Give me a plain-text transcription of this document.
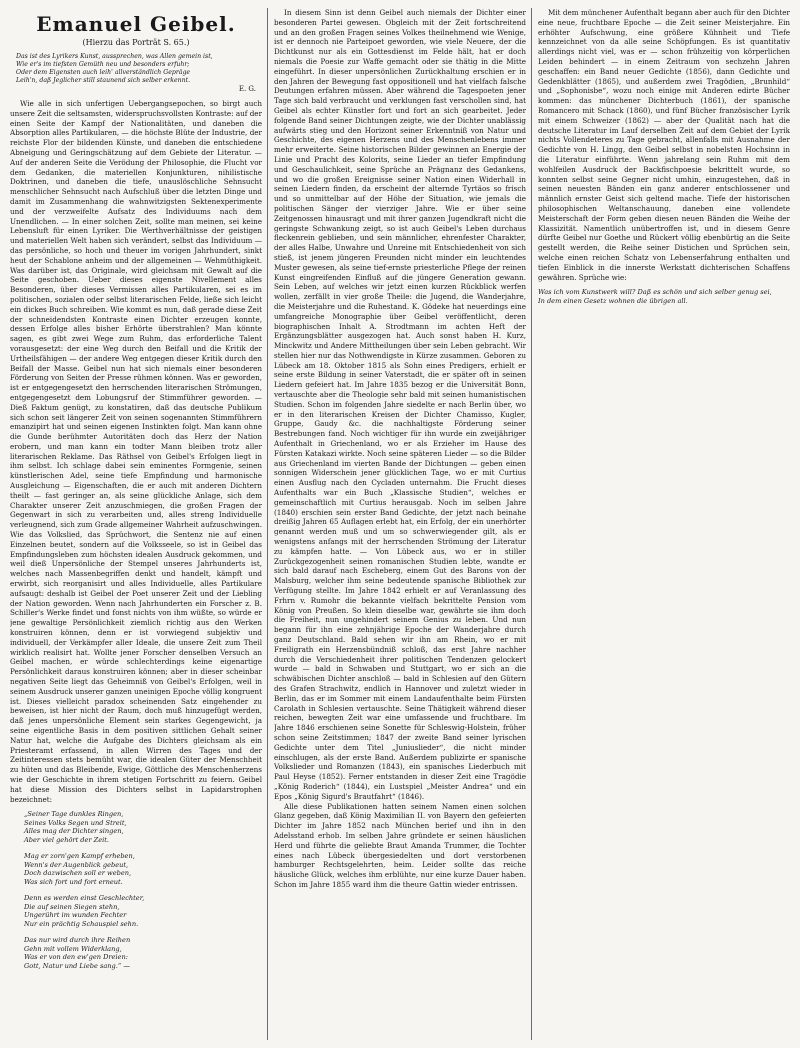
Emanuel Geibel.
(Hierzu das Porträt S. 65.)
Das ist des Lyrikers Kunst, aussprechen, was Allen gemein ist,
Wie er's im tiefsten Gemüth neu und besonders erfuhr;
Oder dem Eigensten auch leih' allverständlich Gepräge
Leih'n, daß Jeglicher still staunend sich selber erkennt.
E. G.

Wie alle in sich unfertigen Uebergangsepochen, so birgt auch unsere Zeit die seltsamsten, widerspruchsvollsten Kontraste: auf der einen Seite der Kampf der Nationalitäten, und daneben die Absorption alles Partikularen, — die höchste Blüte der Industrie, der reichste Flor der bildenden Künste, und daneben die entschiedene Abneigung und Geringschätzung auf dem Gebiete der Literatur. — Auf der anderen Seite die Verödung der Philosophie, die Flucht vor dem Gedanken, die materiellen Konjunkturen, nihilistische Doktrinen, und daneben die tiefe, unauslöschliche Sehnsucht menschlicher Sehnsucht nach Aufschluß über die letzten Dinge und damit im Zusammenhang die wahnwitzigsten Sektenexperimente und der verzweifelte Aufsatz des Individuums nach dem Unendlichen. — In einer solchen Zeit, sollte man meinen, sei keine Lebensluft für einen Lyriker. Die Werthverhältnisse der geistigen und materiellen Welt haben sich verändert, selbst das Individuum — das persönliche, so hoch und theuer im vorigen Jahrhundert, sinkt heut der Schablone anheim und der allgemeinen — Wehmüthigkeit. Was darüber ist, das Originale, wird gleichsam mit Gewalt auf die Seite geschoben. Ueber dieses eigenste Nivellement alles Besonderen, über dieses Vermissen alles Partikularen, sei es im politischen, sozialen oder selbst literarischen Felde, ließe sich leicht ein dickes Buch schreiben. Wie kommt es nun, daß gerade diese Zeit der schneidendsten Kontraste einen Dichter erzeugen konnte, dessen Erfolge alles bisher Erhörte überstrahlen? Man könnte sagen, es gibt zwei Wege zum Ruhm, das erforderliche Talent vorausgesetzt: der eine Weg durch den Beifall und die Kritik der Urtheilsfähigen — der andere Weg entgegen dieser Kritik durch den Beifall der Masse. Geibel nun hat sich niemals einer besonderen Förderung von Seiten der Presse rühmen können. Was er geworden, ist er entgegengesetzt den herrschenden literarischen Strömungen, entgegengesetzt dem Lobungsruf der Stimmführer geworden. — Dieß Faktum genügt, zu konstatiren, daß das deutsche Publikum sich schon seit längerer Zeit von seinen sogenannten Stimmführern emanzipirt hat und seinen eigenen Instinkten folgt. Man kann ohne die Gunde berühmter Autoritäten doch das Herz der Nation erobern, und man kann ein todter Mann bleiben trotz aller literarischen Reklame. Das Räthsel von Geibel's Erfolgen liegt in ihm selbst. Ich schlage dabei sein eminentes Formgenie, seinen künstlerischen Adel, seine tiefe Empfindung und harmonische Ausgleichung — Eigenschaften, die er auch mit anderen Dichtern theilt — fast geringer an, als seine glückliche Anlage, sich dem Charakter unserer Zeit anzuschmiegen, die großen Fragen der Gegenwart in sich zu verarbeiten und, alles streng Individuelle verleugnend, sich zum Grade allgemeiner Wahrheit aufzuschwingen. Wie das Volkslied, das Sprüchwort, die Sentenz nie auf einen Einzelnen beutet, sondern auf die Volksseele, so ist in Geibel das Empfindungsleben zum höchsten idealen Ausdruck gekommen, und weil dieß Unpersönliche der Stempel unseres Jahrhunderts ist, welches nach Massenbegriffen denkt und handelt, kämpft und erwirbt, sich reorganisirt und alles Individuelle, alles Partikulare aufsaugt: deshalb ist Geibel der Poet unserer Zeit und der Liebling der Nation geworden. Wenn nach Jahrhunderten ein Forscher z. B. Schiller's Werke findet und fonst nichts von ihm wüßte, so würde er jene gewaltige Persönlichkeit ziemlich richtig aus den Werken konstruiren können, denn er ist vorwiegend subjektiv und individuell, der Verkämpfer aller Ideale, die unsere Zeit zum Theil wirklich realisirt hat. Wollte jener Forscher denselben Versuch an Geibel machen, er würde schlechterdings keine eigenartige Persönlichkeit daraus konstruiren können; aber in dieser scheinbar negativen Seite liegt das Geheimniß von Geibel's Erfolgen, weil in seinem Ausdruck unserer ganzen uneinigen Epoche völlig kongruent ist. Dieses vielleicht paradox scheinenden Satz eingehender zu beweisen, ist hier nicht der Raum, doch muß hinzugefügt werden, daß jenes unpersönliche Element sein starkes Gegengewicht, ja seine eigentliche Basis in dem positiven sittlichen Gehalt seiner Natur hat, welche die Aufgabe des Dichters gleichsam als ein Priesteramt erfassend, in allen Wirren des Tages und der Zeitinteressen stets bemüht war, die idealen Güter der Menschheit zu hüten und das Bleibende, Ewige, Göttliche des Menschenherzens wie der Geschichte in ihrem stetigen Fortschritt zu feiern. Geibel hat diese Mission des Dichters selbst in Lapidarstrophen bezeichnet:

„Seiner Tage dunkles Ringen,
Seines Volks Segen und Streit,
Alles mag der Dichter singen,
Aber viel gehört der Zeit.

Mag er zorn'gen Kampf erheben,
Wenn's der Augenblick gebeut,
Doch dazwischen soll er weben,
Was sich fort und fort erneut.

Denn es werden einst Geschlechter,
Die auf seinen Siegen stehn,
Ungerührt im wunden Fechter
Nur ein prächtig Schauspiel sehn.

Das nur wird durch ihre Reihen
Gehn mit vollem Widerklang,
Was er von den ew'gen Dreien:
Gott, Natur und Liebe sang.“ —

In diesem Sinn ist denn Geibel auch niemals der Dichter einer besonderen Partei gewesen. Obgleich mit der Zeit fortschreitend und an den großen Fragen seines Volkes theilnehmend wie Wenige, ist er dennoch nie Parteipoet geworden, wie viele Neuere, der die Dichtkunst nur als ein Gottesdienst im Felde hält, hat er doch niemals die Poesie zur Waffe gemacht oder sie thätig in die Mitte eingeführt. In dieser unpersönlichen Zurückhaltung erschien er in den Jahren der Bewegung fast oppositionell und hat vielfach falsche Deutungen erfahren müssen. Aber während die Tagespoeten jener Tage sich bald verbraucht und verklungen fast verschollen sind, hat Geibel als echter Künstler fort und fort an sich gearbeitet. Jeder folgende Band seiner Dichtungen zeigte, wie der Dichter unablässig aufwärts stieg und den Horizont seiner Erkenntniß von Natur und Geschichte, des eigenen Herzens und des Menschenlebens immer mehr erweiterte. Seine historischen Bilder gewinnen an Energie der Linie und Pracht des Kolorits, seine Lieder an tiefer Empfindung und Geschaulichkeit, seine Sprüche an Prägnanz des Gedankens, und wo die großen Ereignisse seiner Nation einen Widerhall in seinen Liedern finden, da erscheint der alternde Tyrtäos so frisch und so unmittelbar auf der Höhe der Situation, wie jemals die politischen Sänger der vierziger Jahre. Wie er über seine Zeitgenossen hinausragt und mit ihrer ganzen Jugendkraft nicht die geringste Schwankung zeigt, so ist auch Geibel's Leben durchaus fleckenrein geblieben, und sein männlicher, ehrenfester Charakter, der alles Halbe, Unwahre und Unreine mit Entschiedenheit von sich stieß, ist jenem jüngeren Freunden nicht minder ein leuchtendes Muster gewesen, als seine tief-ernste priesterliche Pflege der reinen Kunst eingreifenden Einfluß auf die jüngere Generation gewann. Sein Leben, auf welches wir jetzt einen kurzen Rückblick werfen wollen, zerfällt in vier große Theile: die Jugend, die Wanderjahre, die Meisterjahre und die Ruhestand. K. Gödeke hat neuerdings eine umfangreiche Monographie über Geibel veröffentlicht, deren biographischen Inhalt A. Strodtmann im achten Heft der Ergänzungsblätter ausgezogen hat. Auch sonst haben H. Kurz, Minckwitz und Andere Mittheilungen über sein Leben gebracht. Wir stellen hier nur das Nothwendigste in Kürze zusammen. Geboren zu Lübeck am 18. Oktober 1815 als Sohn eines Predigers, erhielt er seine erste Bildung in seiner Vaterstadt, die er später oft in seinen Liedern gefeiert hat. Im Jahre 1835 bezog er die Universität Bonn, vertauschte aber die Theologie sehr bald mit seinen humanistischen Studien. Schon im folgenden Jahre siedelte er nach Berlin über, wo er in den literarischen Kreisen der Dichter Chamisso, Kugler, Gruppe, Gaudy &c. die nachhaltigste Förderung seiner Bestrebungen fand. Noch wichtiger für ihn wurde ein zweijähriger Aufenthalt in Griechenland, wo er als Erzieher im Hause des Fürsten Katakazi wirkte. Noch seine späteren Lieder — so die Bilder aus Griechenland im vierten Bande der Dichtungen — geben einen sonnigen Widerschein jener glücklichen Tage, wo er mit Curtius einen Ausflug nach den Cycladen unternahm. Die Frucht dieses Aufenthalts war ein Buch „Klassische Studien“, welches er gemeinschaftlich mit Curtius herausgab. Noch im selben Jahre (1840) erschien sein erster Band Gedichte, der jetzt nach beinahe dreißig Jahren 65 Auflagen erlebt hat, ein Erfolg, der ein unerhörter genannt werden muß und um so schwerwiegender gilt, als er wenigstens anfangs mit der herrschenden Strömung der Literatur zu kämpfen hatte. — Von Lübeck aus, wo er in stiller Zurückgezogenheit seinen romanischen Studien lebte, wandte er sich bald darauf nach Escheberg, einem Gut des Barons von der Malsburg, welcher ihm seine bedeutende spanische Bibliothek zur Verfügung stellte. Im Jahre 1842 erhielt er auf Veranlassung des Frhrn v. Rumohr die bekannte vielfach bekrittelte Pension vom König von Preußen. So klein dieselbe war, gewährte sie ihm doch die Freiheit, nun ungehindert seinem Genius zu leben. Und nun begann für ihn eine zehnjährige Epoche der Wanderjahre durch ganz Deutschland. Bald sehen wir ihn am Rhein, wo er mit Freiligrath ein Herzensbündniß schloß, das erst Jahre nachher durch die Verschiedenheit ihrer politischen Tendenzen gelockert wurde — bald in Schwaben und Stuttgart, wo er sich an die schwäbischen Dichter anschloß — bald in Schlesien auf den Gütern des Grafen Strachwitz, endlich in Hannover und zuletzt wieder in Berlin, das er im Sommer mit einem Landaufenthalte beim Fürsten Carolath in Schlesien vertauschte. Seine Thätigkeit während dieser reichen, bewegten Zeit war eine umfassende und fruchtbare. Im Jahre 1846 erschienen seine Sonette für Schleswig-Holstein, früher schon seine Zeitstimmen; 1847 der zweite Band seiner lyrischen Gedichte unter dem Titel „Juniuslieder“, die nicht minder einschlugen, als der erste Band. Außerdem publizirte er spanische Volkslieder und Romanzen (1843), ein spanisches Liederbuch mit Paul Heyse (1852). Ferner entstanden in dieser Zeit eine Tragödie „König Roderich“ (1844), ein Lustspiel „Meister Andrea“ und ein Epos „König Sigurd's Brautfahrt“ (1846).

Alle diese Publikationen hatten seinem Namen einen solchen Glanz gegeben, daß König Maximilian II. von Bayern den gefeierten Dichter im Jahre 1852 nach München berief und ihn in den Adelsstand erhob. Im selben Jahre gründete er seinen häuslichen Herd und führte die geliebte Braut Amanda Trummer, die Tochter eines nach Lübeck übergesiedelten und dort verstorbenen hamburger Rechtsgelehrten, heim. Leider sollte das reiche häusliche Glück, welches ihm erblühte, nur eine kurze Dauer haben. Schon im Jahre 1855 ward ihm die theure Gattin wieder entrissen.

Mit dem münchener Aufenthalt begann aber auch für den Dichter eine neue, fruchtbare Epoche — die Zeit seiner Meisterjahre. Ein erhöhter Aufschwung, eine größere Kühnheit und Tiefe kennzeichnet von da alle seine Schöpfungen. Es ist quantitativ allerdings nicht viel, was er — schon frühzeitig von körperlichen Leiden behindert — in einem Zeitraum von sechzehn Jahren geschaffen: ein Band neuer Gedichte (1856), dann Gedichte und Gedenkblätter (1865), und außerdem zwei Tragödien, „Brunhild“ und „Sophonisbe“, wozu noch einige mit Anderen edirte Bücher kommen: das münchener Dichterbuch (1861), der spanische Romancero mit Schack (1860), und fünf Bücher französischer Lyrik mit einem Schweizer (1862) — aber der Qualität nach hat die deutsche Literatur im Lauf derselben Zeit auf dem Gebiet der Lyrik nichts Vollendeteres zu Tage gebracht, allenfalls mit Ausnahme der Gedichte von H. Lingg, den Geibel selbst in nobelsten Hochsinn in die Literatur einführte. Wenn jahrelang sein Ruhm mit dem wohlfeilen Ausdruck der Backfischpoesie bekrittelt wurde, so konnten selbst seine Gegner nicht umhin, einzugestehen, daß in seinen neuesten Bänden ein ganz anderer entschlossener und männlich ernster Geist sich geltend mache. Tiefe der historischen philosophischen Weltanschauung, daneben eine vollendete Meisterschaft der Form geben diesen neuen Bänden die Weihe der Klassizität. Namentlich unübertroffen ist, und in diesem Genre dürfte Geibel nur Goethe und Rückert völlig ebenbürtig an die Seite gestellt werden, die Reihe seiner Distichen und Sprüchen sein, welche einen reichen Schatz von Lebenserfahrung enthalten und tiefen Einblick in die innerste Werkstatt dichterischen Schaffens gewähren. Sprüche wie:

Was ich vom Kunstwerk will? Daß es schön und sich selber genug sei,
In dem einen Gesetz wohnen die übrigen all.
